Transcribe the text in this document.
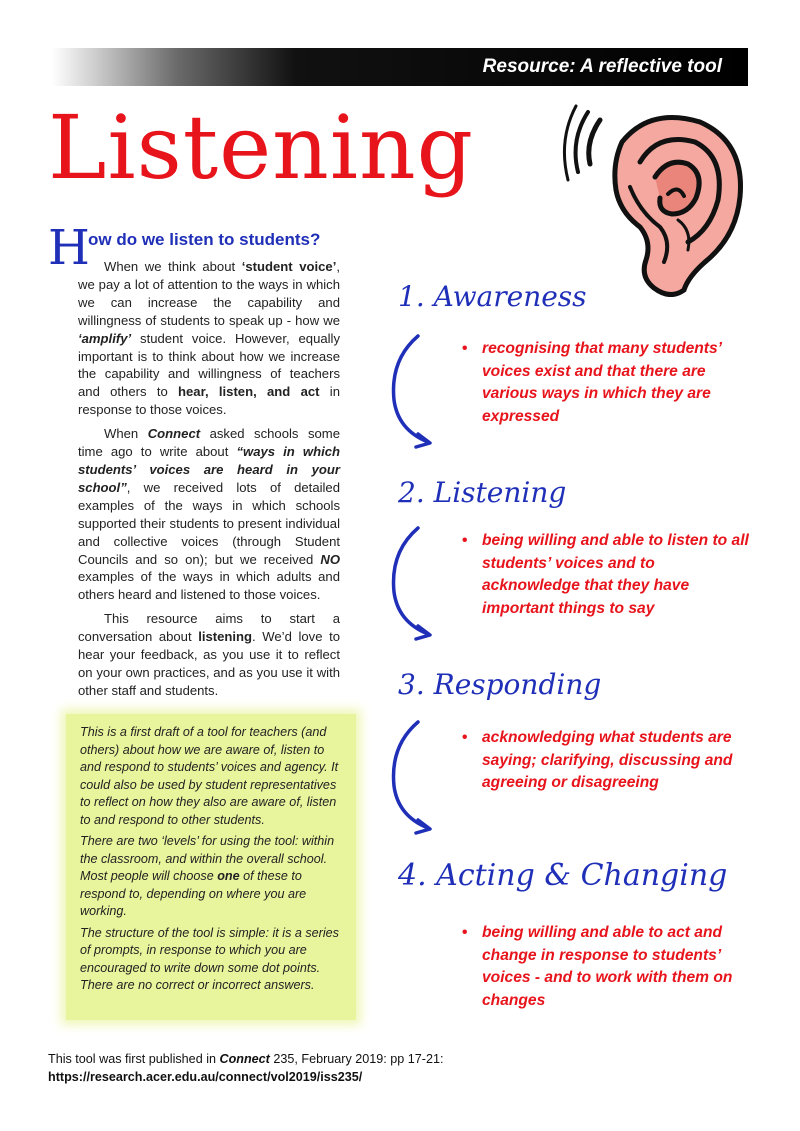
Resource: A reflective tool
Listening
H
ow do we listen to students?

When we think about ‘student voice’, we pay a lot of attention to the ways in which we can increase the capability and willingness of students to speak up - how we ‘amplify’ student voice. However, equally important is to think about how we increase the capability and willingness of teachers and others to hear, listen, and act in response to those voices.

When Connect asked schools some time ago to write about “ways in which students’ voices are heard in your school”, we received lots of detailed examples of the ways in which schools supported their students to present individual and collective voices (through Student Councils and so on); but we received NO examples of the ways in which adults and others heard and listened to those voices.

This resource aims to start a conversation about listening. We’d love to hear your feedback, as you use it to reflect on your own practices, and as you use it with other staff and students.

This is a first draft of a tool for teachers (and others) about how we are aware of, listen to and respond to students’ voices and agency. It could also be used by student representatives to reflect on how they also are aware of, listen to and respond to other students.

There are two ‘levels’ for using the tool: within the classroom, and within the overall school. Most people will choose one of these to respond to, depending on where you are working.

The structure of the tool is simple: it is a series of prompts, in response to which you are encouraged to write down some dot points. There are no correct or incorrect answers.

1. Awareness
• recognising that many students’ voices exist and that there are various ways in which they are expressed
2. Listening
• being willing and able to listen to all students’ voices and to acknowledge that they have important things to say
3. Responding
• acknowledging what students are saying; clarifying, discussing and agreeing or disagreeing
4. Acting & Changing
• being willing and able to act and change in response to students’ voices - and to work with them on changes
This tool was first published in Connect 235, February 2019: pp 17-21:
https://research.acer.edu.au/connect/vol2019/iss235/
